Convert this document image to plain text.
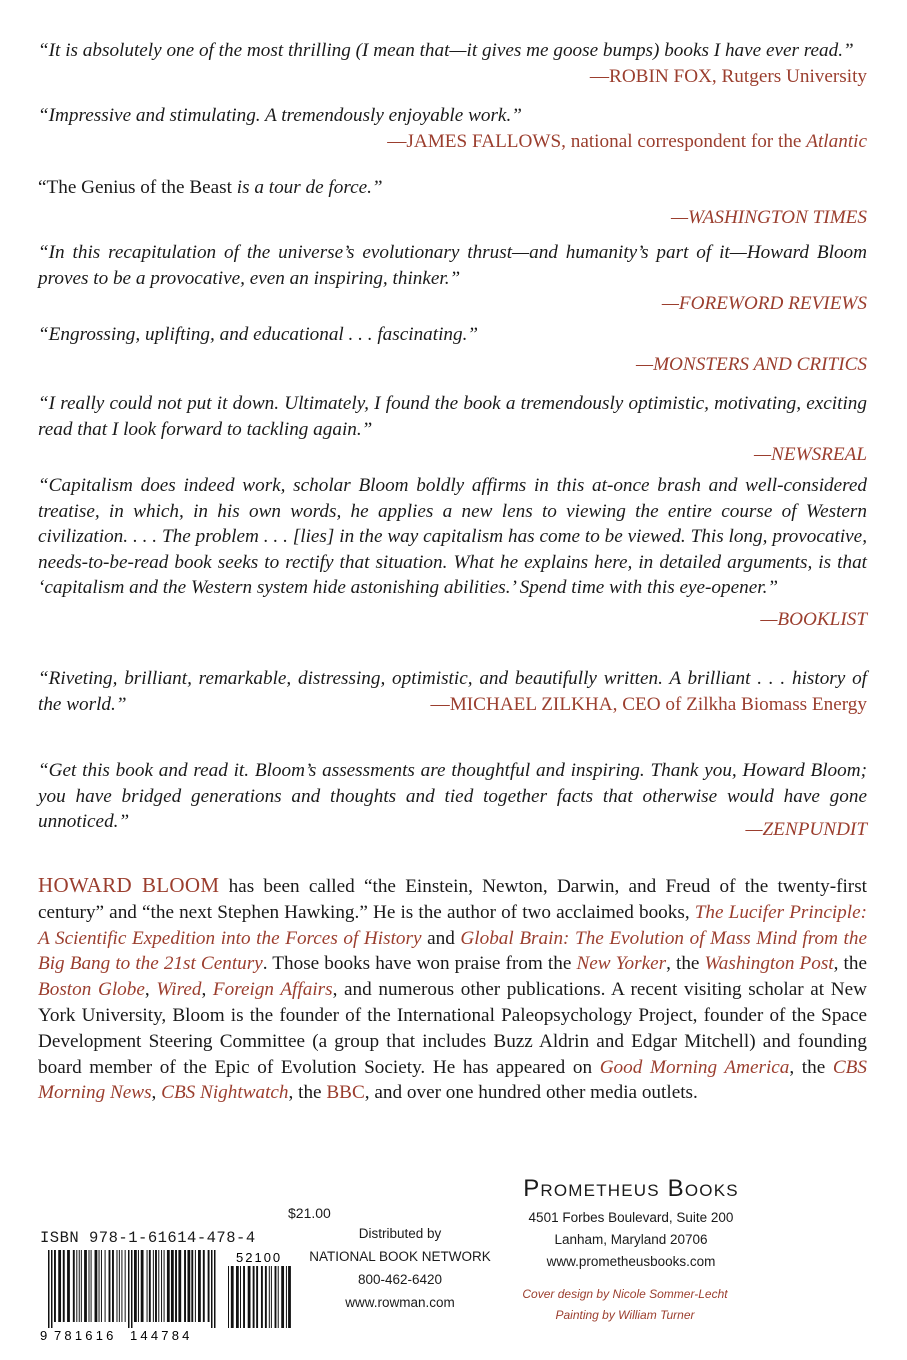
“It is absolutely one of the most thrilling (I mean that—it gives me goose bumps) books I have ever read.”

—ROBIN FOX, Rutgers University

“Impressive and stimulating. A tremendously enjoyable work.”

—JAMES FALLOWS, national correspondent for the Atlantic

“The Genius of the Beast is a tour de force.”

—WASHINGTON TIMES

“In this recapitulation of the universe’s evolutionary thrust—and humanity’s part of it—Howard Bloom proves to be a provocative, even an inspiring, thinker.”

—FOREWORD REVIEWS

“Engrossing, uplifting, and educational . . . fascinating.”

—MONSTERS AND CRITICS

“I really could not put it down. Ultimately, I found the book a tremendously optimistic, motivating, exciting read that I look forward to tackling again.”

—NEWSREAL

“Capitalism does indeed work, scholar Bloom boldly affirms in this at-once brash and well-considered treatise, in which, in his own words, he applies a new lens to viewing the entire course of Western civilization. . . . The problem . . . [lies] in the way capitalism has come to be viewed. This long, provocative, needs-to-be-read book seeks to rectify that situation. What he explains here, in detailed arguments, is that ‘capitalism and the Western system hide astonishing abilities.’ Spend time with this eye-opener.”

—BOOKLIST

“Riveting, brilliant, remarkable, distressing, optimistic, and beautifully written. A brilliant . . . history of the world.”	—MICHAEL ZILKHA, CEO of Zilkha Biomass Energy

“Get this book and read it. Bloom’s assessments are thoughtful and inspiring. Thank you, Howard Bloom; you have bridged generations and thoughts and tied together facts that otherwise would have gone unnoticed.”	—ZENPUNDIT

HOWARD BLOOM has been called “the Einstein, Newton, Darwin, and Freud of the twenty-first century” and “the next Stephen Hawking.” He is the author of two acclaimed books, The Lucifer Principle: A Scientific Expedition into the Forces of History and Global Brain: The Evolution of Mass Mind from the Big Bang to the 21st Century. Those books have won praise from the New Yorker, the Washington Post, the Boston Globe, Wired, Foreign Affairs, and numerous other publications. A recent visiting scholar at New York University, Bloom is the founder of the International Paleopsychology Project, founder of the Space Development Steering Committee (a group that includes Buzz Aldrin and Edgar Mitchell) and founding board member of the Epic of Evolution Society. He has appeared on Good Morning America, the CBS Morning News, CBS Nightwatch, the BBC, and over one hundred other media outlets.

$21.00
ISBN 978-1-61614-478-4
52100
9 781616 144784
Distributed by
NATIONAL BOOK NETWORK
800-462-6420
www.rowman.com
Prometheus Books
4501 Forbes Boulevard, Suite 200
Lanham, Maryland 20706
www.prometheusbooks.com
Cover design by Nicole Sommer-Lecht
Painting by William Turner
